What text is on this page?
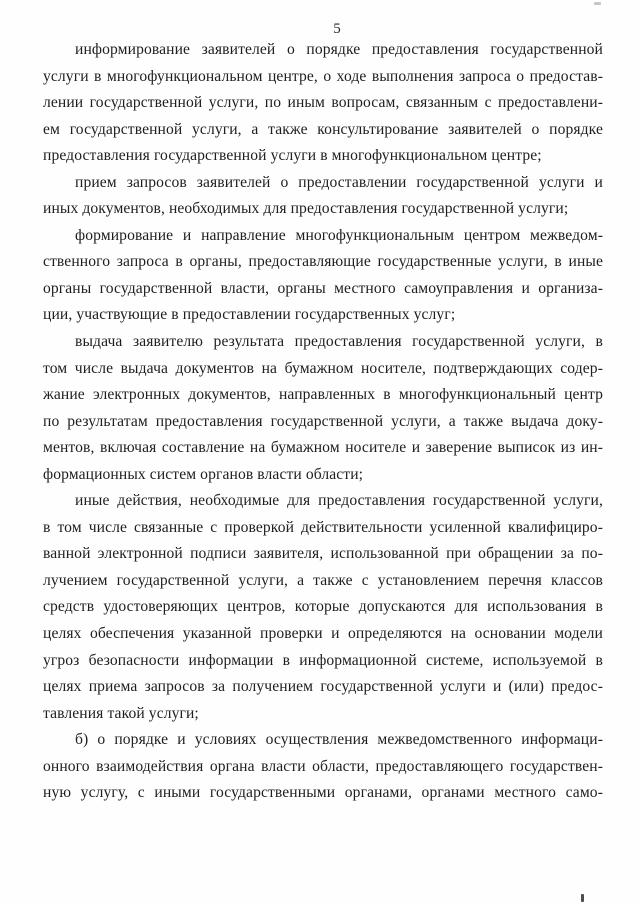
5
информирование заявителей о порядке предоставления государственной
услуги в многофункциональном центре, о ходе выполнения запроса о предостав-
лении государственной услуги, по иным вопросам, связанным с предоставлени-
ем государственной услуги, а также консультирование заявителей о порядке
предоставления государственной услуги в многофункциональном центре;
прием запросов заявителей о предоставлении государственной услуги и
иных документов, необходимых для предоставления государственной услуги;
формирование и направление многофункциональным центром межведом-
ственного запроса в органы, предоставляющие государственные услуги, в иные
органы государственной власти, органы местного самоуправления и организа-
ции, участвующие в предоставлении государственных услуг;
выдача заявителю результата предоставления государственной услуги, в
том числе выдача документов на бумажном носителе, подтверждающих содер-
жание электронных документов, направленных в многофункциональный центр
по результатам предоставления государственной услуги, а также выдача доку-
ментов, включая составление на бумажном носителе и заверение выписок из ин-
формационных систем органов власти области;
иные действия, необходимые для предоставления государственной услуги,
в том числе связанные с проверкой действительности усиленной квалифициро-
ванной электронной подписи заявителя, использованной при обращении за по-
лучением государственной услуги, а также с установлением перечня классов
средств удостоверяющих центров, которые допускаются для использования в
целях обеспечения указанной проверки и определяются на основании модели
угроз безопасности информации в информационной системе, используемой в
целях приема запросов за получением государственной услуги и (или) предос-
тавления такой услуги;
б) о порядке и условиях осуществления межведомственного информаци-
онного взаимодействия органа власти области, предоставляющего государствен-
ную услугу, с иными государственными органами, органами местного само-
